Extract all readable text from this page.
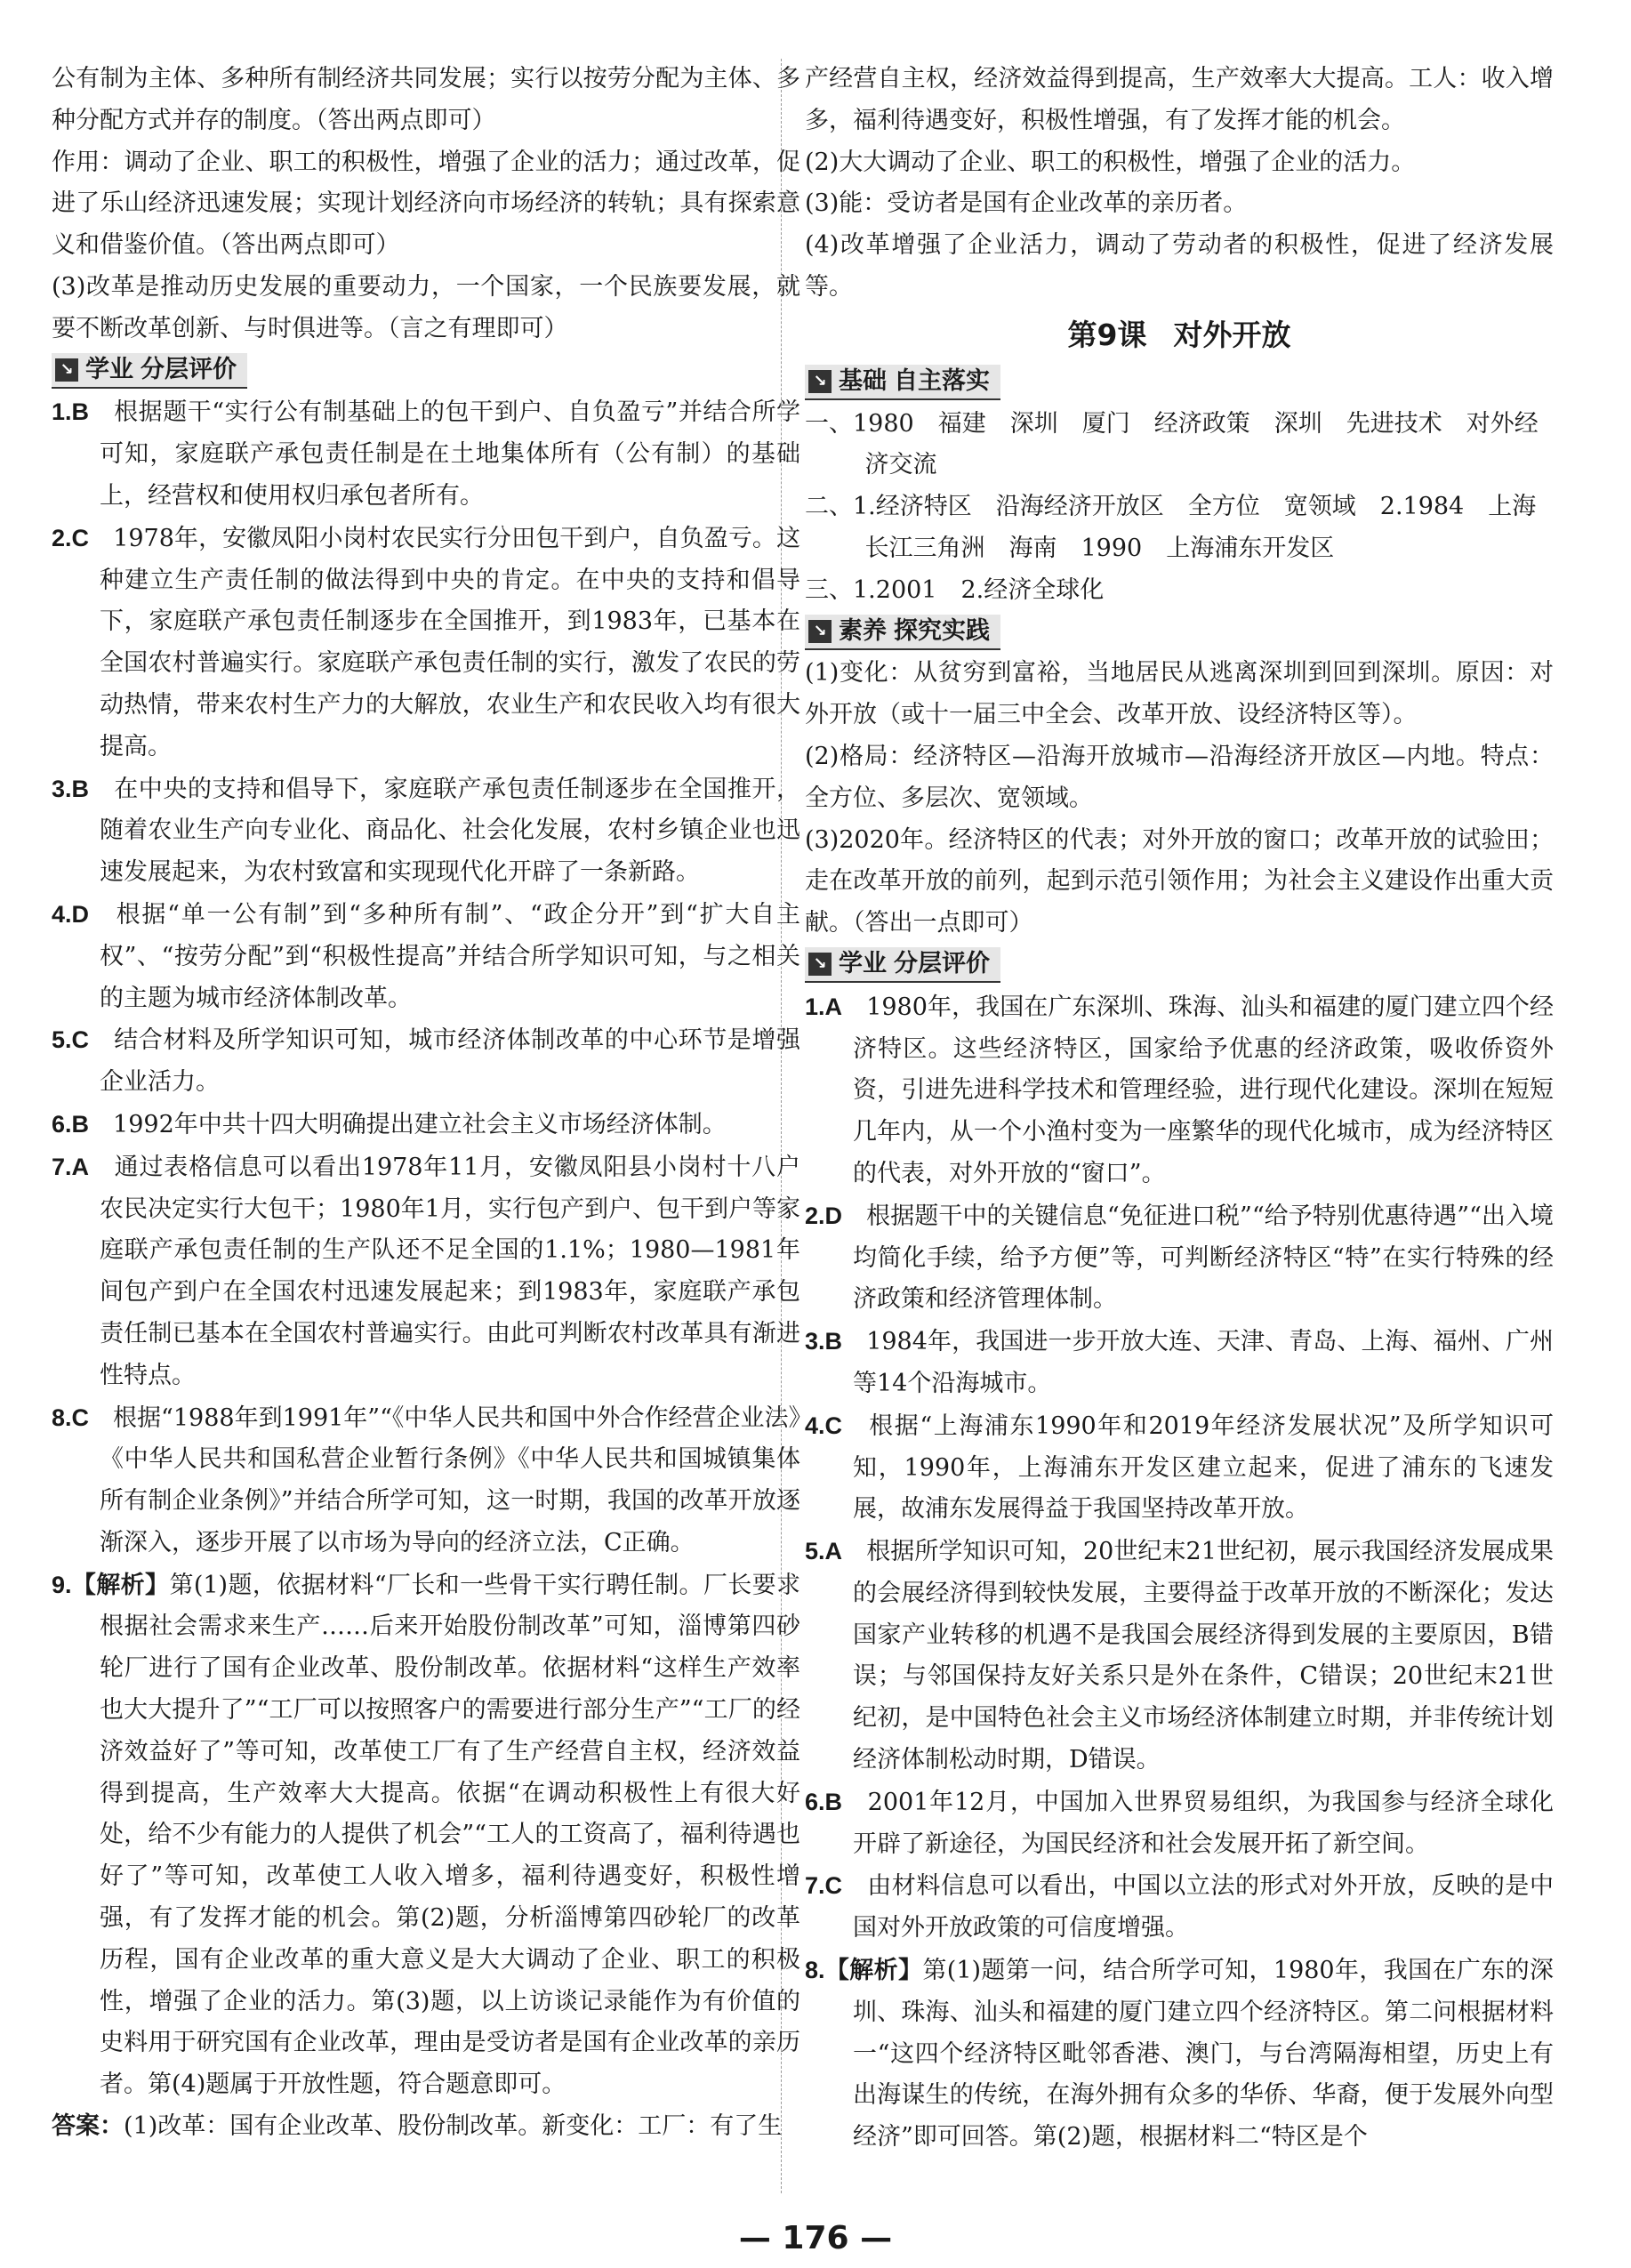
公有制为主体、多种所有制经济共同发展；实行以按劳分配为主体、多种分配方式并存的制度。（答出两点即可）

作用：调动了企业、职工的积极性，增强了企业的活力；通过改革，促进了乐山经济迅速发展；实现计划经济向市场经济的转轨；具有探索意义和借鉴价值。（答出两点即可）

(3)改革是推动历史发展的重要动力，一个国家，一个民族要发展，就要不断改革创新、与时俱进等。（言之有理即可）

↘ 学业 分层评价

1.B　 根据题干“实行公有制基础上的包干到户、自负盈亏”并结合所学可知，家庭联产承包责任制是在土地集体所有（公有制）的基础上，经营权和使用权归承包者所有。

2.C　 1978年，安徽凤阳小岗村农民实行分田包干到户，自负盈亏。这种建立生产责任制的做法得到中央的肯定。在中央的支持和倡导下，家庭联产承包责任制逐步在全国推开，到1983年，已基本在全国农村普遍实行。家庭联产承包责任制的实行，激发了农民的劳动热情，带来农村生产力的大解放，农业生产和农民收入均有很大提高。

3.B　 在中央的支持和倡导下，家庭联产承包责任制逐步在全国推开，随着农业生产向专业化、商品化、社会化发展，农村乡镇企业也迅速发展起来，为农村致富和实现现代化开辟了一条新路。

4.D　 根据“单一公有制”到“多种所有制”、“政企分开”到“扩大自主权”、“按劳分配”到“积极性提高”并结合所学知识可知，与之相关的主题为城市经济体制改革。

5.C　 结合材料及所学知识可知，城市经济体制改革的中心环节是增强企业活力。

6.B　 1992年中共十四大明确提出建立社会主义市场经济体制。

7.A　 通过表格信息可以看出1978年11月，安徽凤阳县小岗村十八户农民决定实行大包干；1980年1月，实行包产到户、包干到户等家庭联产承包责任制的生产队还不足全国的1.1%；1980—1981年间包产到户在全国农村迅速发展起来；到1983年，家庭联产承包责任制已基本在全国农村普遍实行。由此可判断农村改革具有渐进性特点。

8.C　 根据“1988年到1991年”“《中华人民共和国中外合作经营企业法》《中华人民共和国私营企业暂行条例》《中华人民共和国城镇集体所有制企业条例》”并结合所学可知，这一时期，我国的改革开放逐渐深入，逐步开展了以市场为导向的经济立法，C正确。

9.【解析】第(1)题，依据材料“厂长和一些骨干实行聘任制。厂长要求根据社会需求来生产……后来开始股份制改革”可知，淄博第四砂轮厂进行了国有企业改革、股份制改革。依据材料“这样生产效率也大大提升了”“工厂可以按照客户的需要进行部分生产”“工厂的经济效益好了”等可知，改革使工厂有了生产经营自主权，经济效益得到提高，生产效率大大提高。依据“在调动积极性上有很大好处，给不少有能力的人提供了机会”“工人的工资高了，福利待遇也好了”等可知，改革使工人收入增多，福利待遇变好，积极性增强，有了发挥才能的机会。第(2)题，分析淄博第四砂轮厂的改革历程，国有企业改革的重大意义是大大调动了企业、职工的积极性，增强了企业的活力。第(3)题，以上访谈记录能作为有价值的史料用于研究国有企业改革，理由是受访者是国有企业改革的亲历者。第(4)题属于开放性题，符合题意即可。

答案：(1)改革：国有企业改革、股份制改革。新变化：工厂：有了生

产经营自主权，经济效益得到提高，生产效率大大提高。工人：收入增多，福利待遇变好，积极性增强，有了发挥才能的机会。

(2)大大调动了企业、职工的积极性，增强了企业的活力。

(3)能：受访者是国有企业改革的亲历者。

(4)改革增强了企业活力，调动了劳动者的积极性，促进了经济发展等。

第9课 对外开放
↘ 基础 自主落实

一、1980　福建　深圳　厦门　经济政策　深圳　先进技术　对外经济交流

二、1.经济特区　沿海经济开放区　全方位　宽领域　2.1984　上海　长江三角洲　海南　1990　上海浦东开发区

三、1.2001　2.经济全球化

↘ 素养 探究实践

(1)变化：从贫穷到富裕，当地居民从逃离深圳到回到深圳。原因：对外开放（或十一届三中全会、改革开放、设经济特区等）。

(2)格局：经济特区—沿海开放城市—沿海经济开放区—内地。特点：全方位、多层次、宽领域。

(3)2020年。经济特区的代表；对外开放的窗口；改革开放的试验田；走在改革开放的前列，起到示范引领作用；为社会主义建设作出重大贡献。（答出一点即可）

↘ 学业 分层评价

1.A　 1980年，我国在广东深圳、珠海、汕头和福建的厦门建立四个经济特区。这些经济特区，国家给予优惠的经济政策，吸收侨资外资，引进先进科学技术和管理经验，进行现代化建设。深圳在短短几年内，从一个小渔村变为一座繁华的现代化城市，成为经济特区的代表，对外开放的“窗口”。

2.D　 根据题干中的关键信息“免征进口税”“给予特别优惠待遇”“出入境均简化手续，给予方便”等，可判断经济特区“特”在实行特殊的经济政策和经济管理体制。

3.B　 1984年，我国进一步开放大连、天津、青岛、上海、福州、广州等14个沿海城市。

4.C　 根据“上海浦东1990年和2019年经济发展状况”及所学知识可知，1990年，上海浦东开发区建立起来，促进了浦东的飞速发展，故浦东发展得益于我国坚持改革开放。

5.A　 根据所学知识可知，20世纪末21世纪初，展示我国经济发展成果的会展经济得到较快发展，主要得益于改革开放的不断深化；发达国家产业转移的机遇不是我国会展经济得到发展的主要原因，B错误；与邻国保持友好关系只是外在条件，C错误；20世纪末21世纪初，是中国特色社会主义市场经济体制建立时期，并非传统计划经济体制松动时期，D错误。

6.B　 2001年12月，中国加入世界贸易组织，为我国参与经济全球化开辟了新途径，为国民经济和社会发展开拓了新空间。

7.C　 由材料信息可以看出，中国以立法的形式对外开放，反映的是中国对外开放政策的可信度增强。

8.【解析】第(1)题第一问，结合所学可知，1980年，我国在广东的深圳、珠海、汕头和福建的厦门建立四个经济特区。第二问根据材料一“这四个经济特区毗邻香港、澳门，与台湾隔海相望，历史上有出海谋生的传统，在海外拥有众多的华侨、华裔，便于发展外向型经济”即可回答。第(2)题，根据材料二“特区是个

— 176 —
